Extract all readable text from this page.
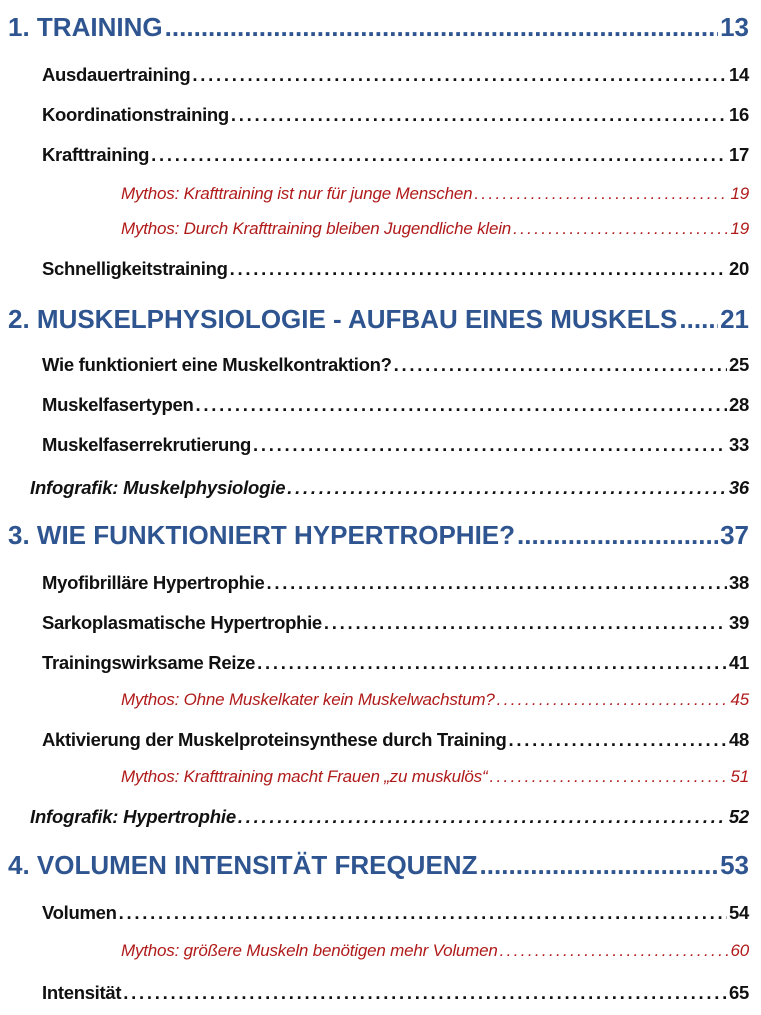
1. TRAINING . . .	13
Ausdauertraining . . .	14
Koordinationstraining . . .	16
Krafttraining . . .	17
Mythos: Krafttraining ist nur für junge Menschen . . .	19
Mythos: Durch Krafttraining bleiben Jugendliche klein . . .	19
Schnelligkeitstraining . . .	20
2. MUSKELPHYSIOLOGIE - AUFBAU EINES MUSKELS . . . 21
Wie funktioniert eine Muskelkontraktion? . . .	25
Muskelfasertypen . . .	28
Muskelfaserrekrutierung . . .	33
Infografik: Muskelphysiologie . . .	36
3. WIE FUNKTIONIERT HYPERTROPHIE? . . .	37
Myofibrilläre Hypertrophie . . .	38
Sarkoplasmatische Hypertrophie . . .	39
Trainingswirksame Reize . . .	41
Mythos: Ohne Muskelkater kein Muskelwachstum? . . .	45
Aktivierung der Muskelproteinsynthese durch Training . . .	48
Mythos: Krafttraining macht Frauen „zu muskulös“ . . .	51
Infografik: Hypertrophie . . .	52
4. VOLUMEN INTENSITÄT FREQUENZ . . .	53
Volumen . . .	54
Mythos: größere Muskeln benötigen mehr Volumen . . .	60
Intensität . . .	65
